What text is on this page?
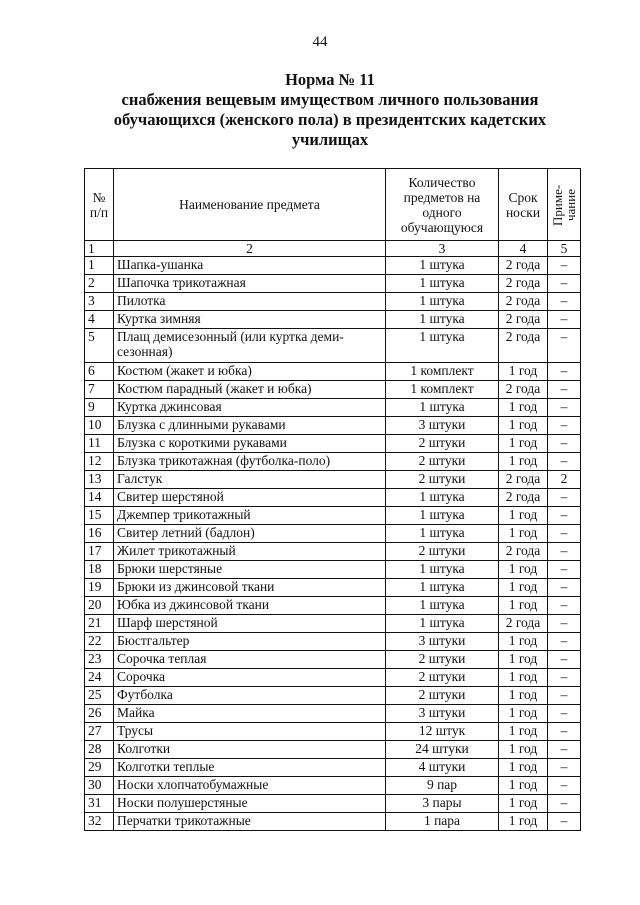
44
Норма № 11
снабжения вещевым имуществом личного пользования
обучающихся (женского пола) в президентских кадетских
училищах
№ п/п	Наименование предмета	Количество предметов на одного обучающуюся	Срок носки	Приме-чание

1	2	3	4	5
1	Шапка-ушанка	1 штука	2 года	–
2	Шапочка трикотажная	1 штука	2 года	–
3	Пилотка	1 штука	2 года	–
4	Куртка зимняя	1 штука	2 года	–
5	Плащ демисезонный (или куртка деми-сезонная)	1 штука	2 года	–
6	Костюм (жакет и юбка)	1 комплект	1 год	–
7	Костюм парадный (жакет и юбка)	1 комплект	2 года	–
9	Куртка джинсовая	1 штука	1 год	–
10	Блузка с длинными рукавами	3 штуки	1 год	–
11	Блузка с короткими рукавами	2 штуки	1 год	–
12	Блузка трикотажная (футболка-поло)	2 штуки	1 год	–
13	Галстук	2 штуки	2 года	2
14	Свитер шерстяной	1 штука	2 года	–
15	Джемпер трикотажный	1 штука	1 год	–
16	Свитер летний (бадлон)	1 штука	1 год	–
17	Жилет трикотажный	2 штуки	2 года	–
18	Брюки шерстяные	1 штука	1 год	–
19	Брюки из джинсовой ткани	1 штука	1 год	–
20	Юбка из джинсовой ткани	1 штука	1 год	–
21	Шарф шерстяной	1 штука	2 года	–
22	Бюстгальтер	3 штуки	1 год	–
23	Сорочка теплая	2 штуки	1 год	–
24	Сорочка	2 штуки	1 год	–
25	Футболка	2 штуки	1 год	–
26	Майка	3 штуки	1 год	–
27	Трусы	12 штук	1 год	–
28	Колготки	24 штуки	1 год	–
29	Колготки теплые	4 штуки	1 год	–
30	Носки хлопчатобумажные	9 пар	1 год	–
31	Носки полушерстяные	3 пары	1 год	–
32	Перчатки трикотажные	1 пара	1 год	–
